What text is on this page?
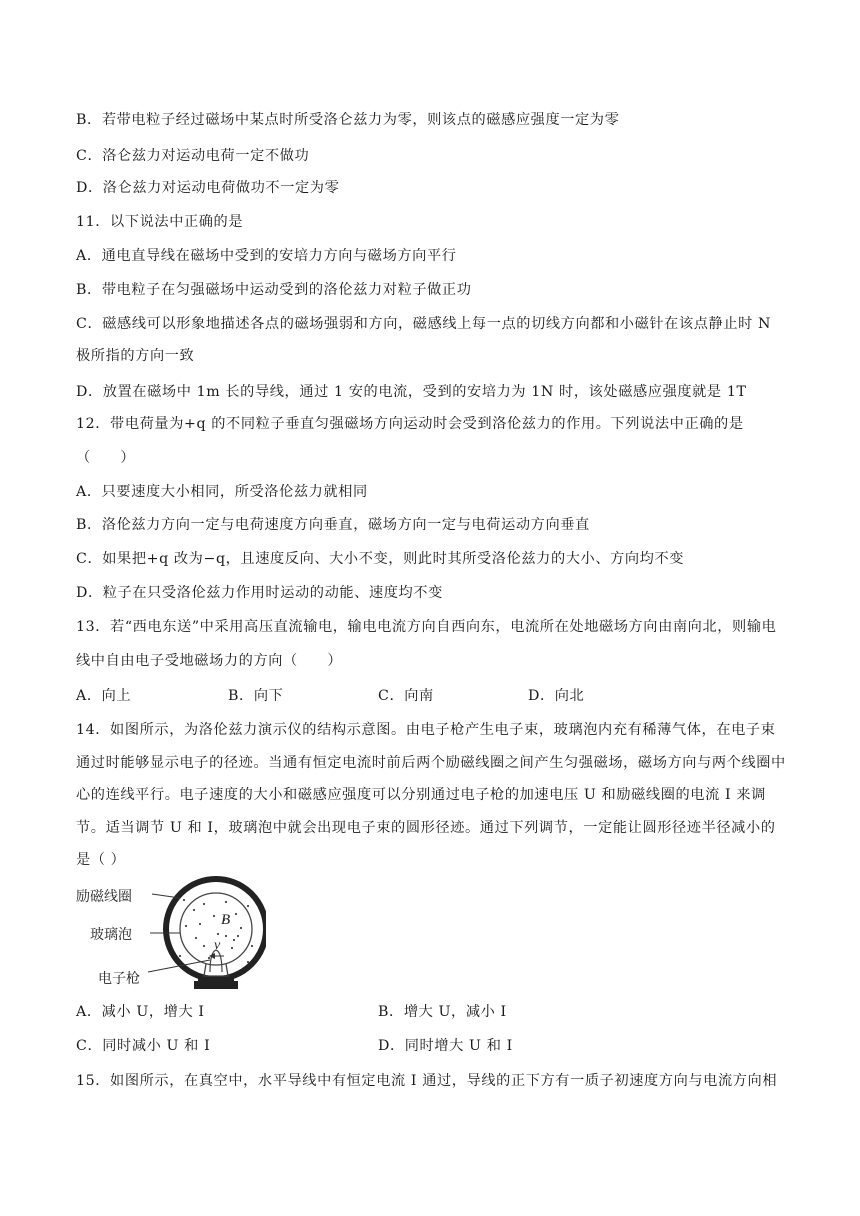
B．若带电粒子经过磁场中某点时所受洛仑兹力为零，则该点的磁感应强度一定为零
C．洛仑兹力对运动电荷一定不做功
D．洛仑兹力对运动电荷做功不一定为零
11．以下说法中正确的是
A．通电直导线在磁场中受到的安培力方向与磁场方向平行
B．带电粒子在匀强磁场中运动受到的洛伦兹力对粒子做正功
C．磁感线可以形象地描述各点的磁场强弱和方向，磁感线上每一点的切线方向都和小磁针在该点静止时 N
极所指的方向一致
D．放置在磁场中 1m 长的导线，通过 1 安的电流，受到的安培力为 1N 时，该处磁感应强度就是 1T
12．带电荷量为+q 的不同粒子垂直匀强磁场方向运动时会受到洛伦兹力的作用。下列说法中正确的是
（　　）
A．只要速度大小相同，所受洛伦兹力就相同
B．洛伦兹力方向一定与电荷速度方向垂直，磁场方向一定与电荷运动方向垂直
C．如果把+q 改为−q，且速度反向、大小不变，则此时其所受洛伦兹力的大小、方向均不变
D．粒子在只受洛伦兹力作用时运动的动能、速度均不变
13．若“西电东送”中采用高压直流输电，输电电流方向自西向东，电流所在处地磁场方向由南向北，则输电
线中自由电子受地磁场力的方向（　　）
A．向上	B．向下	C．向南	D．向北
14．如图所示，为洛伦兹力演示仪的结构示意图。由电子枪产生电子束，玻璃泡内充有稀薄气体，在电子束通过时能够显示电子的径迹。当通有恒定电流时前后两个励磁线圈之间产生匀强磁场，磁场方向与两个线圈中心的连线平行。电子速度的大小和磁感应强度可以分别通过电子枪的加速电压 U 和励磁线圈的电流 I 来调节。适当调节 U 和 I，玻璃泡中就会出现电子束的圆形径迹。通过下列调节，一定能让圆形径迹半径减小的是（ ）
励磁线圈
玻璃泡
电子枪
B
v
A．减小 U，增大 I	B．增大 U，减小 I
C．同时减小 U 和 I	D．同时增大 U 和 I
15．如图所示，在真空中，水平导线中有恒定电流 I 通过，导线的正下方有一质子初速度方向与电流方向相
